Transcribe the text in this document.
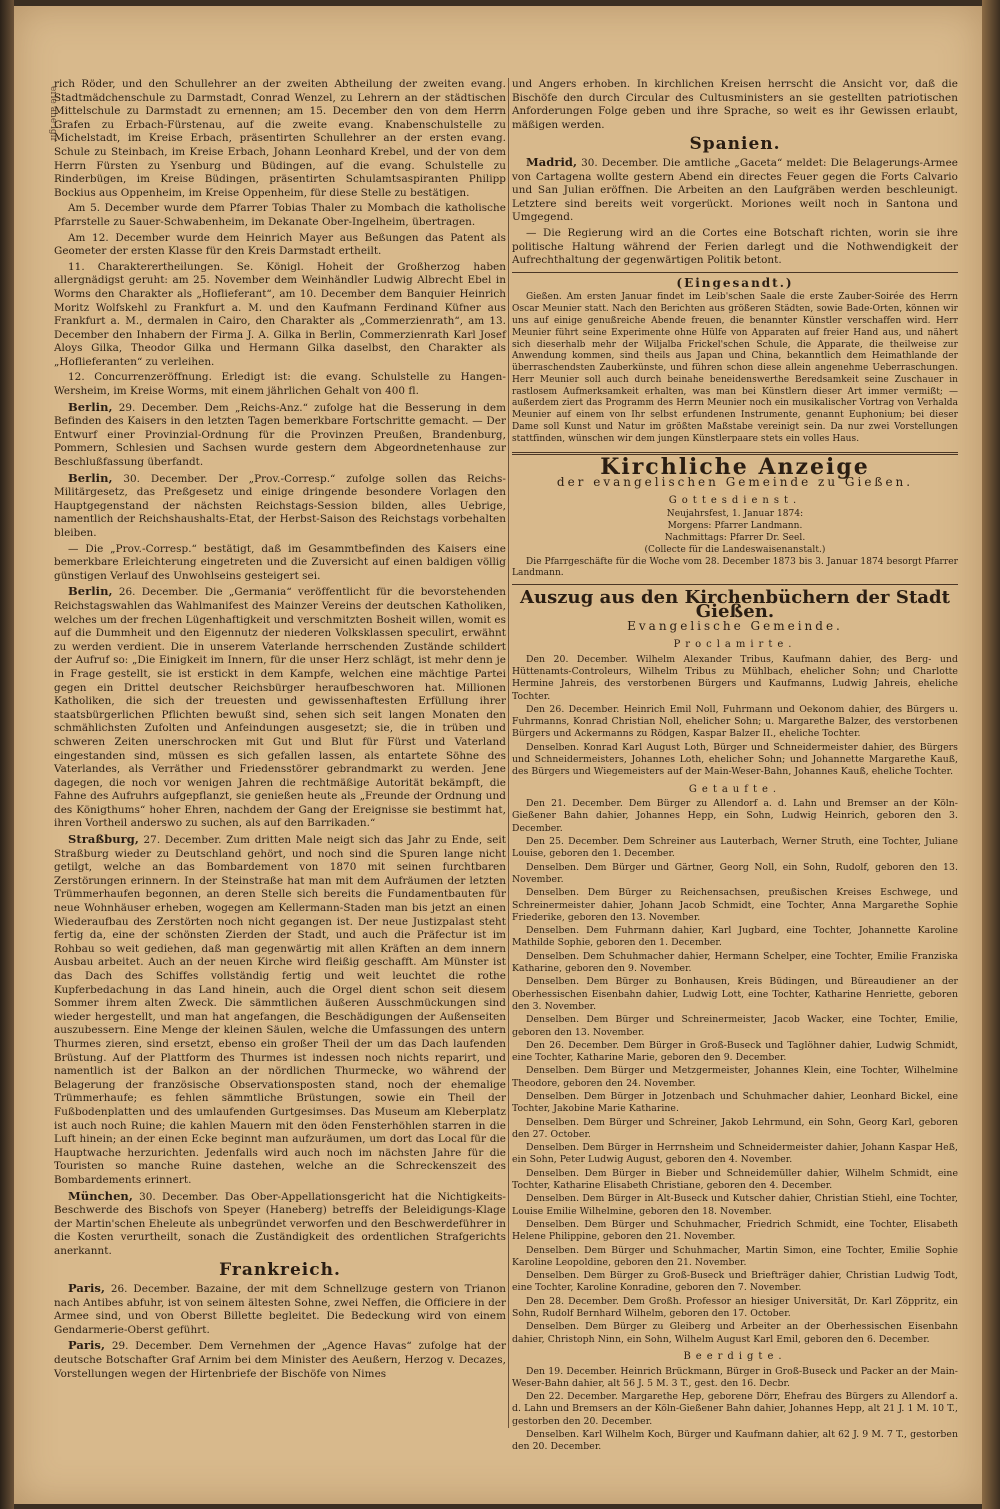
erle ahe lgir

rich Röder, und den Schullehrer an der zweiten Abtheilung der zweiten evang. Stadtmädchenschule zu Darmstadt, Conrad Wenzel, zu Lehrern an der städtischen Mittelschule zu Darmstadt zu ernennen; am 15. December den von dem Herrn Grafen zu Erbach-Fürstenau, auf die zweite evang. Knabenschulstelle zu Michelstadt, im Kreise Erbach, präsentirten Schullehrer an der ersten evang. Schule zu Steinbach, im Kreise Erbach, Johann Leonhard Krebel, und der von dem Herrn Fürsten zu Ysenburg und Büdingen, auf die evang. Schulstelle zu Rinderbügen, im Kreise Büdingen, präsentirten Schulamtsaspiranten Philipp Bockius aus Oppenheim, im Kreise Oppenheim, für diese Stelle zu bestätigen.

Am 5. December wurde dem Pfarrer Tobias Thaler zu Mombach die katholische Pfarrstelle zu Sauer-Schwabenheim, im Dekanate Ober-Ingelheim, übertragen.

Am 12. December wurde dem Heinrich Mayer aus Beßungen das Patent als Geometer der ersten Klasse für den Kreis Darmstadt ertheilt.

11. Charakterertheilungen. Se. Königl. Hoheit der Großherzog haben allergnädigst geruht: am 25. November dem Weinhändler Ludwig Albrecht Ebel in Worms den Charakter als „Hoflieferant“, am 10. December dem Banquier Heinrich Moritz Wolfskehl zu Frankfurt a. M. und den Kaufmann Ferdinand Küfner aus Frankfurt a. M., dermalen in Cairo, den Charakter als „Commerzienrath“, am 13. December den Inhabern der Firma J. A. Gilka in Berlin, Commerzienrath Karl Josef Aloys Gilka, Theodor Gilka und Hermann Gilka daselbst, den Charakter als „Hoflieferanten“ zu verleihen.

12. Concurrenzeröffnung. Erledigt ist: die evang. Schulstelle zu Hangen-Wersheim, im Kreise Worms, mit einem jährlichen Gehalt von 400 fl.

Berlin, 29. December. Dem „Reichs-Anz.“ zufolge hat die Besserung in dem Befinden des Kaisers in den letzten Tagen bemerkbare Fortschritte gemacht. — Der Entwurf einer Provinzial-Ordnung für die Provinzen Preußen, Brandenburg, Pommern, Schlesien und Sachsen wurde gestern dem Abgeordnetenhause zur Beschlußfassung überfandt.

Berlin, 30. December. Der „Prov.-Corresp.“ zufolge sollen das Reichs-Militärgesetz, das Preßgesetz und einige dringende besondere Vorlagen den Hauptgegenstand der nächsten Reichstags-Session bilden, alles Uebrige, namentlich der Reichshaushalts-Etat, der Herbst-Saison des Reichstags vorbehalten bleiben.

— Die „Prov.-Corresp.“ bestätigt, daß im Gesammtbefinden des Kaisers eine bemerkbare Erleichterung eingetreten und die Zuversicht auf einen baldigen völlig günstigen Verlauf des Unwohlseins gesteigert sei.

Berlin, 26. December. Die „Germania“ veröffentlicht für die bevorstehenden Reichstagswahlen das Wahlmanifest des Mainzer Vereins der deutschen Katholiken, welches um der frechen Lügenhaftigkeit und verschmitzten Bosheit willen, womit es auf die Dummheit und den Eigennutz der niederen Volksklassen speculirt, erwähnt zu werden verdient. Die in unserem Vaterlande herrschenden Zustände schildert der Aufruf so: „Die Einigkeit im Innern, für die unser Herz schlägt, ist mehr denn je in Frage gestellt, sie ist erstickt in dem Kampfe, welchen eine mächtige Partei gegen ein Drittel deutscher Reichsbürger heraufbeschworen hat. Millionen Katholiken, die sich der treuesten und gewissenhaftesten Erfüllung ihrer staatsbürgerlichen Pflichten bewußt sind, sehen sich seit langen Monaten den schmählichsten Zufolten und Anfeindungen ausgesetzt; sie, die in trüben und schweren Zeiten unerschrocken mit Gut und Blut für Fürst und Vaterland eingestanden sind, müssen es sich gefallen lassen, als entartete Söhne des Vaterlandes, als Verräther und Friedensstörer gebrandmarkt zu werden. Jene dagegen, die noch vor wenigen Jahren die rechtmäßige Autorität bekämpft, die Fahne des Aufruhrs aufgepflanzt, sie genießen heute als „Freunde der Ordnung und des Königthums“ hoher Ehren, nachdem der Gang der Ereignisse sie bestimmt hat, ihren Vortheil anderswo zu suchen, als auf den Barrikaden.“

Straßburg, 27. December. Zum dritten Male neigt sich das Jahr zu Ende, seit Straßburg wieder zu Deutschland gehört, und noch sind die Spuren lange nicht getilgt, welche an das Bombardement von 1870 mit seinen furchtbaren Zerstörungen erinnern. In der Steinstraße hat man mit dem Aufräumen der letzten Trümmerhaufen begonnen, an deren Stelle sich bereits die Fundamentbauten für neue Wohnhäuser erheben, wogegen am Kellermann-Staden man bis jetzt an einen Wiederaufbau des Zerstörten noch nicht gegangen ist. Der neue Justizpalast steht fertig da, eine der schönsten Zierden der Stadt, und auch die Präfectur ist im Rohbau so weit gediehen, daß man gegenwärtig mit allen Kräften an dem innern Ausbau arbeitet. Auch an der neuen Kirche wird fleißig geschafft. Am Münster ist das Dach des Schiffes vollständig fertig und weit leuchtet die rothe Kupferbedachung in das Land hinein, auch die Orgel dient schon seit diesem Sommer ihrem alten Zweck. Die sämmtlichen äußeren Ausschmückungen sind wieder hergestellt, und man hat angefangen, die Beschädigungen der Außenseiten auszubessern. Eine Menge der kleinen Säulen, welche die Umfassungen des untern Thurmes zieren, sind ersetzt, ebenso ein großer Theil der um das Dach laufenden Brüstung. Auf der Plattform des Thurmes ist indessen noch nichts reparirt, und namentlich ist der Balkon an der nördlichen Thurmecke, wo während der Belagerung der französische Observationsposten stand, noch der ehemalige Trümmerhaufe; es fehlen sämmtliche Brüstungen, sowie ein Theil der Fußbodenplatten und des umlaufenden Gurtgesimses. Das Museum am Kleberplatz ist auch noch Ruine; die kahlen Mauern mit den öden Fensterhöhlen starren in die Luft hinein; an der einen Ecke beginnt man aufzuräumen, um dort das Local für die Hauptwache herzurichten. Jedenfalls wird auch noch im nächsten Jahre für die Touristen so manche Ruine dastehen, welche an die Schreckenszeit des Bombardements erinnert.

München, 30. December. Das Ober-Appellationsgericht hat die Nichtigkeits-Beschwerde des Bischofs von Speyer (Haneberg) betreffs der Beleidigungs-Klage der Martin'schen Eheleute als unbegründet verworfen und den Beschwerdeführer in die Kosten verurtheilt, sonach die Zuständigkeit des ordentlichen Strafgerichts anerkannt.

Frankreich.

Paris, 26. December. Bazaine, der mit dem Schnellzuge gestern von Trianon nach Antibes abfuhr, ist von seinem ältesten Sohne, zwei Neffen, die Officiere in der Armee sind, und von Oberst Billette begleitet. Die Bedeckung wird von einem Gendarmerie-Oberst geführt.

Paris, 29. December. Dem Vernehmen der „Agence Havas“ zufolge hat der deutsche Botschafter Graf Arnim bei dem Minister des Aeußern, Herzog v. Decazes, Vorstellungen wegen der Hirtenbriefe der Bischöfe von Nimes

und Angers erhoben. In kirchlichen Kreisen herrscht die Ansicht vor, daß die Bischöfe den durch Circular des Cultusministers an sie gestellten patriotischen Anforderungen Folge geben und ihre Sprache, so weit es ihr Gewissen erlaubt, mäßigen werden.

Spanien.

Madrid, 30. December. Die amtliche „Gaceta“ meldet: Die Belagerungs-Armee von Cartagena wollte gestern Abend ein directes Feuer gegen die Forts Calvario und San Julian eröffnen. Die Arbeiten an den Laufgräben werden beschleunigt. Letztere sind bereits weit vorgerückt. Moriones weilt noch in Santona und Umgegend.

— Die Regierung wird an die Cortes eine Botschaft richten, worin sie ihre politische Haltung während der Ferien darlegt und die Nothwendigkeit der Aufrechthaltung der gegenwärtigen Politik betont.

(Eingesandt.)

Gießen. Am ersten Januar findet im Leib'schen Saale die erste Zauber-Soirée des Herrn Oscar Meunier statt. Nach den Berichten aus größeren Städten, sowie Bade-Orten, können wir uns auf einige genußreiche Abende freuen, die benannter Künstler verschaffen wird. Herr Meunier führt seine Experimente ohne Hülfe von Apparaten auf freier Hand aus, und nähert sich dieserhalb mehr der Wiljalba Frickel'schen Schule, die Apparate, die theilweise zur Anwendung kommen, sind theils aus Japan und China, bekanntlich dem Heimathlande der überraschendsten Zauberkünste, und führen schon diese allein angenehme Ueberraschungen. Herr Meunier soll auch durch beinahe beneidenswerthe Beredsamkeit seine Zuschauer in rastlosem Aufmerksamkeit erhalten, was man bei Künstlern dieser Art immer vermißt; — außerdem ziert das Programm des Herrn Meunier noch ein musikalischer Vortrag von Verhalda Meunier auf einem von Ihr selbst erfundenen Instrumente, genannt Euphonium; bei dieser Dame soll Kunst und Natur im größten Maßstabe vereinigt sein. Da nur zwei Vorstellungen stattfinden, wünschen wir dem jungen Künstlerpaare stets ein volles Haus.

Kirchliche Anzeige
der evangelischen Gemeinde zu Gießen.
Gottesdienst.
Neujahrsfest, 1. Januar 1874:
Morgens: Pfarrer Landmann.
Nachmittags: Pfarrer Dr. Seel.
(Collecte für die Landeswaisenanstalt.)

Die Pfarrgeschäfte für die Woche vom 28. December 1873 bis 3. Januar 1874 besorgt Pfarrer Landmann.

Auszug aus den Kirchenbüchern der Stadt Gießen.
Evangelische Gemeinde.
Proclamirte.

Den 20. December. Wilhelm Alexander Tribus, Kaufmann dahier, des Berg- und Hüttenamts-Controleurs, Wilhelm Tribus zu Mühlbach, ehelicher Sohn; und Charlotte Hermine Jahreis, des verstorbenen Bürgers und Kaufmanns, Ludwig Jahreis, eheliche Tochter.

Den 26. December. Heinrich Emil Noll, Fuhrmann und Oekonom dahier, des Bürgers u. Fuhrmanns, Konrad Christian Noll, ehelicher Sohn; u. Margarethe Balzer, des verstorbenen Bürgers und Ackermanns zu Rödgen, Kaspar Balzer II., eheliche Tochter.

Denselben. Konrad Karl August Loth, Bürger und Schneidermeister dahier, des Bürgers und Schneidermeisters, Johannes Loth, ehelicher Sohn; und Johannette Margarethe Kauß, des Bürgers und Wiegemeisters auf der Main-Weser-Bahn, Johannes Kauß, eheliche Tochter.

Getaufte.

Den 21. December. Dem Bürger zu Allendorf a. d. Lahn und Bremser an der Köln-Gießener Bahn dahier, Johannes Hepp, ein Sohn, Ludwig Heinrich, geboren den 3. December.

Den 25. December. Dem Schreiner aus Lauterbach, Werner Struth, eine Tochter, Juliane Louise, geboren den 1. December.

Denselben. Dem Bürger und Gärtner, Georg Noll, ein Sohn, Rudolf, geboren den 13. November.

Denselben. Dem Bürger zu Reichensachsen, preußischen Kreises Eschwege, und Schreinermeister dahier, Johann Jacob Schmidt, eine Tochter, Anna Margarethe Sophie Friederike, geboren den 13. November.

Denselben. Dem Fuhrmann dahier, Karl Jugbard, eine Tochter, Johannette Karoline Mathilde Sophie, geboren den 1. December.

Denselben. Dem Schuhmacher dahier, Hermann Schelper, eine Tochter, Emilie Franziska Katharine, geboren den 9. November.

Denselben. Dem Bürger zu Bonhausen, Kreis Büdingen, und Büreaudiener an der Oberhessischen Eisenbahn dahier, Ludwig Lott, eine Tochter, Katharine Henriette, geboren den 3. November.

Denselben. Dem Bürger und Schreinermeister, Jacob Wacker, eine Tochter, Emilie, geboren den 13. November.

Den 26. December. Dem Bürger in Groß-Buseck und Taglöhner dahier, Ludwig Schmidt, eine Tochter, Katharine Marie, geboren den 9. December.

Denselben. Dem Bürger und Metzgermeister, Johannes Klein, eine Tochter, Wilhelmine Theodore, geboren den 24. November.

Denselben. Dem Bürger in Jotzenbach und Schuhmacher dahier, Leonhard Bickel, eine Tochter, Jakobine Marie Katharine.

Denselben. Dem Bürger und Schreiner, Jakob Lehrmund, ein Sohn, Georg Karl, geboren den 27. October.

Denselben. Dem Bürger in Herrnsheim und Schneidermeister dahier, Johann Kaspar Heß, ein Sohn, Peter Ludwig August, geboren den 4. November.

Denselben. Dem Bürger in Bieber und Schneidemüller dahier, Wilhelm Schmidt, eine Tochter, Katharine Elisabeth Christiane, geboren den 4. December.

Denselben. Dem Bürger in Alt-Buseck und Kutscher dahier, Christian Stiehl, eine Tochter, Louise Emilie Wilhelmine, geboren den 18. November.

Denselben. Dem Bürger und Schuhmacher, Friedrich Schmidt, eine Tochter, Elisabeth Helene Philippine, geboren den 21. November.

Denselben. Dem Bürger und Schuhmacher, Martin Simon, eine Tochter, Emilie Sophie Karoline Leopoldine, geboren den 21. November.

Denselben. Dem Bürger zu Groß-Buseck und Briefträger dahier, Christian Ludwig Todt, eine Tochter, Karoline Konradine, geboren den 7. November.

Den 28. December. Dem Großh. Professor an hiesiger Universität, Dr. Karl Zöppritz, ein Sohn, Rudolf Bernhard Wilhelm, geboren den 17. October.

Denselben. Dem Bürger zu Gleiberg und Arbeiter an der Oberhessischen Eisenbahn dahier, Christoph Ninn, ein Sohn, Wilhelm August Karl Emil, geboren den 6. December.

Beerdigte.

Den 19. December. Heinrich Brückmann, Bürger in Groß-Buseck und Packer an der Main-Weser-Bahn dahier, alt 56 J. 5 M. 3 T., gest. den 16. Decbr.

Den 22. December. Margarethe Hep, geborene Dörr, Ehefrau des Bürgers zu Allendorf a. d. Lahn und Bremsers an der Köln-Gießener Bahn dahier, Johannes Hepp, alt 21 J. 1 M. 10 T., gestorben den 20. December.

Denselben. Karl Wilhelm Koch, Bürger und Kaufmann dahier, alt 62 J. 9 M. 7 T., gestorben den 20. December.
